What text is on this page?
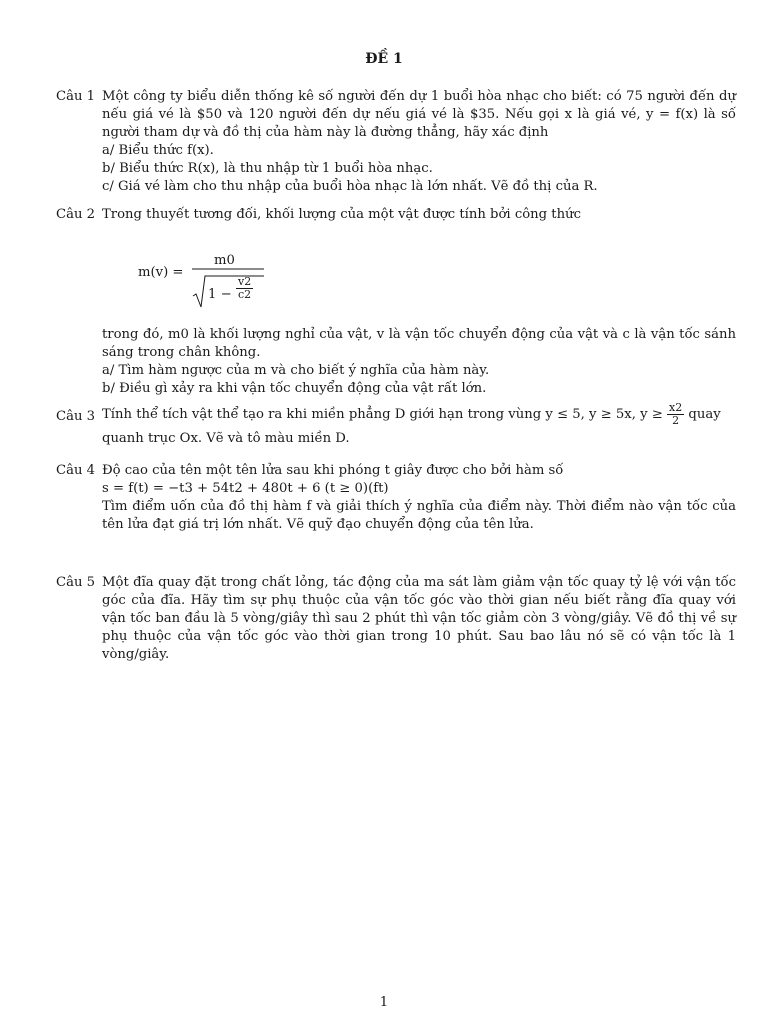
ĐỀ 1
Câu 1 Một công ty biểu diễn thống kê số người đến dự 1 buổi hòa nhạc cho biết: có 75 người đến dự nếu giá vé là $50 và 120 người đến dự nếu giá vé là $35. Nếu gọi x là giá vé, y = f(x) là số người tham dự và đồ thị của hàm này là đường thẳng, hãy xác định

a/ Biểu thức f(x).

b/ Biểu thức R(x), là thu nhập từ 1 buổi hòa nhạc.

c/ Giá vé làm cho thu nhập của buổi hòa nhạc là lớn nhất. Vẽ đồ thị của R.

Câu 2 Trong thuyết tương đối, khối lượng của một vật được tính bởi công thức

m(v) =
m0
$1 - \frac{v2}{c2}$

trong đó, m0 là khối lượng nghỉ của vật, v là vận tốc chuyển động của vật và c là vận tốc sánh sáng trong chân không.

a/ Tìm hàm ngược của m và cho biết ý nghĩa của hàm này.

b/ Điều gì xảy ra khi vận tốc chuyển động của vật rất lớn.

Câu 3 Tính thể tích vật thể tạo ra khi miền phẳng D giới hạn trong vùng y ≤ 5, y ≥ 5x, $y \ge \frac{x2}{2}$ quay

quanh trục Ox. Vẽ và tô màu miền D.

Câu 4 Độ cao của tên một tên lửa sau khi phóng t giây được cho bởi hàm số

s = f(t) = −t3 + 54t2 + 480t + 6 (t ≥ 0)(ft)

Tìm điểm uốn của đồ thị hàm f và giải thích ý nghĩa của điểm này. Thời điểm nào vận tốc của tên lửa đạt giá trị lớn nhất. Vẽ quỹ đạo chuyển động của tên lửa.

Câu 5 Một đĩa quay đặt trong chất lỏng, tác động của ma sát làm giảm vận tốc quay tỷ lệ với vận tốc góc của đĩa. Hãy tìm sự phụ thuộc của vận tốc góc vào thời gian nếu biết rằng đĩa quay với vận tốc ban đầu là 5 vòng/giây thì sau 2 phút thì vận tốc giảm còn 3 vòng/giây. Vẽ đồ thị về sự phụ thuộc của vận tốc góc vào thời gian trong 10 phút. Sau bao lâu nó sẽ có vận tốc là 1 vòng/giây.

1
